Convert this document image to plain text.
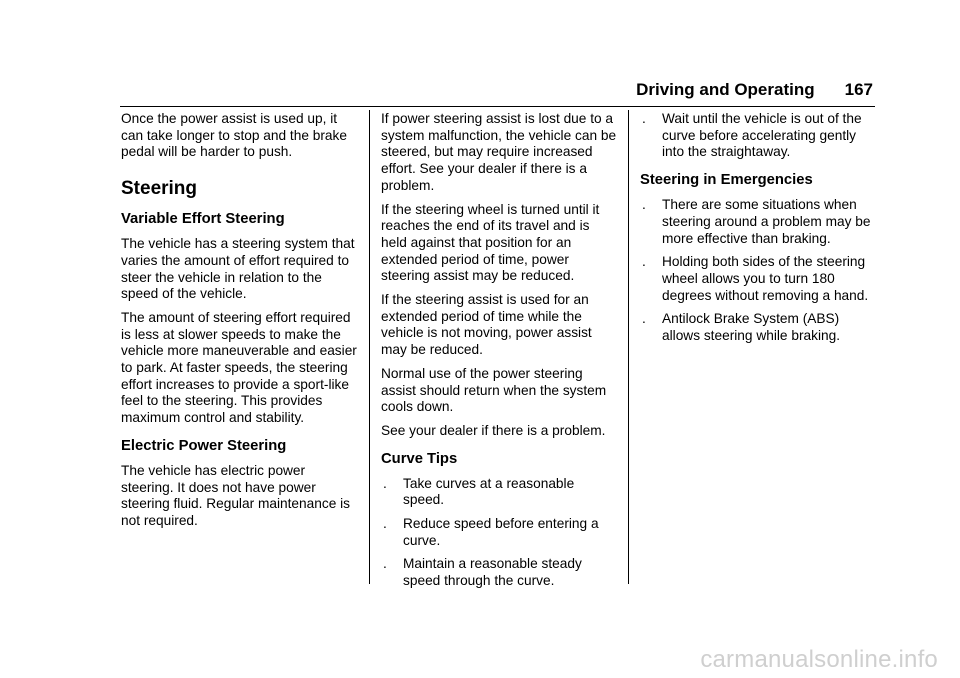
Driving and Operating 167

Once the power assist is used up, it can take longer to stop and the brake pedal will be harder to push.

Steering
Variable Effort Steering

The vehicle has a steering system that varies the amount of effort required to steer the vehicle in relation to the speed of the vehicle.

The amount of steering effort required is less at slower speeds to make the vehicle more maneuverable and easier to park. At faster speeds, the steering effort increases to provide a sport-like feel to the steering. This provides maximum control and stability.

Electric Power Steering

The vehicle has electric power steering. It does not have power steering fluid. Regular maintenance is not required.

If power steering assist is lost due to a system malfunction, the vehicle can be steered, but may require increased effort. See your dealer if there is a problem.

If the steering wheel is turned until it reaches the end of its travel and is held against that position for an extended period of time, power steering assist may be reduced.

If the steering assist is used for an extended period of time while the vehicle is not moving, power assist may be reduced.

Normal use of the power steering assist should return when the system cools down.

See your dealer if there is a problem.

Curve Tips
. Take curves at a reasonable speed.
. Reduce speed before entering a curve.
. Maintain a reasonable steady speed through the curve.
. Wait until the vehicle is out of the curve before accelerating gently into the straightaway.
Steering in Emergencies
. There are some situations when steering around a problem may be more effective than braking.
. Holding both sides of the steering wheel allows you to turn 180 degrees without removing a hand.
. Antilock Brake System (ABS) allows steering while braking.
carmanualsonline.info
